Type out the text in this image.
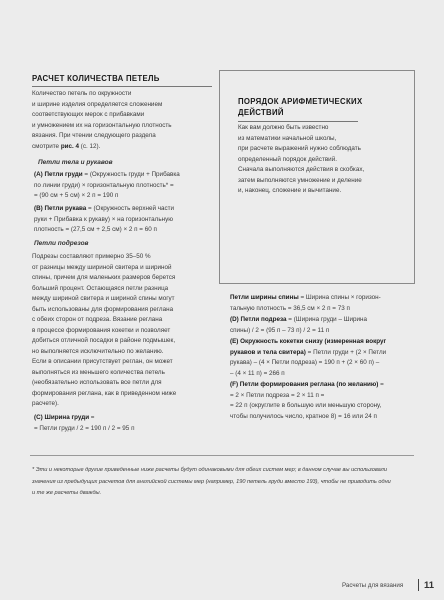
РАСЧЕТ КОЛИЧЕСТВА ПЕТЕЛЬ
Количество петель по окружности
и ширине изделия определяется сложением
соответствующих мерок с прибавками
и умножением их на горизонтальную плотность
вязания. При чтении следующего раздела
смотрите рис. 4 (с. 12).
Петли тела и рукавов
(A) Петли груди = (Окружность груди + Прибавка
по линии груди) × горизонтальную плотность* =
= (90 см + 5 см) × 2 п = 190 п
(B) Петли рукава = (Окружность верхней части
руки + Прибавка к рукаву) × на горизонтальную
плотность = (27,5 см + 2,5 см) × 2 п = 60 п
Петли подрезов
Подрезы составляют примерно 35–50 %
от разницы между шириной свитера и шириной
спины, причем для маленьких размеров берется
больший процент. Остающаяся петли разница
между шириной свитера и шириной спины могут
быть использованы для формирования реглана
с обеих сторон от подреза. Вязание реглана
в процессе формирования кокетки и позволяет
добиться отличной посадки в районе подмышек,
но выполняется исключительно по желанию.
Если в описании присутствует реглан, он может
выполняться из меньшего количества петель
(необязательно использовать все петли для
формирования реглана, как в приведенном ниже
расчете).
(C) Ширина груди =
= Петли груди / 2 = 190 п / 2 = 95 п
ПОРЯДОК АРИФМЕТИЧЕСКИХ
ДЕЙСТВИЙ
Как вам должно быть известно
из математики начальной школы,
при расчете выражений нужно соблюдать
определенный порядок действий.
Сначала выполняются действия в скобках,
затем выполняются умножение и деление
и, наконец, сложение и вычитание.
Петли ширины спины = Ширина спины × горизон-
тальную плотность = 36,5 см × 2 п = 73 п
(D) Петли подреза = (Ширина груди – Ширина
спины) / 2 = (95 п – 73 п) / 2 = 11 п
(E) Окружность кокетки снизу (измеренная вокруг
рукавов и тела свитера) = Петли груди + (2 × Петли
рукава) – (4 × Петли подреза) = 190 п + (2 × 60 п) –
– (4 × 11 п) = 266 п
(F) Петли формирования реглана (по желанию) =
= 2 × Петли подреза = 2 × 11 п =
= 22 п (округлите в большую или меньшую сторону,
чтобы получилось число, кратное 8) = 16 или 24 п
* Эти и некоторые другие приведенные ниже расчеты будут одинаковыми для обеих систем мер; в данном случае вы использовали
значения из предыдущих расчетов для английской системы мер (например, 190 петель груди вместо 193), чтобы не приводить одни
и те же расчеты дважды.
Расчеты для вязания 11
